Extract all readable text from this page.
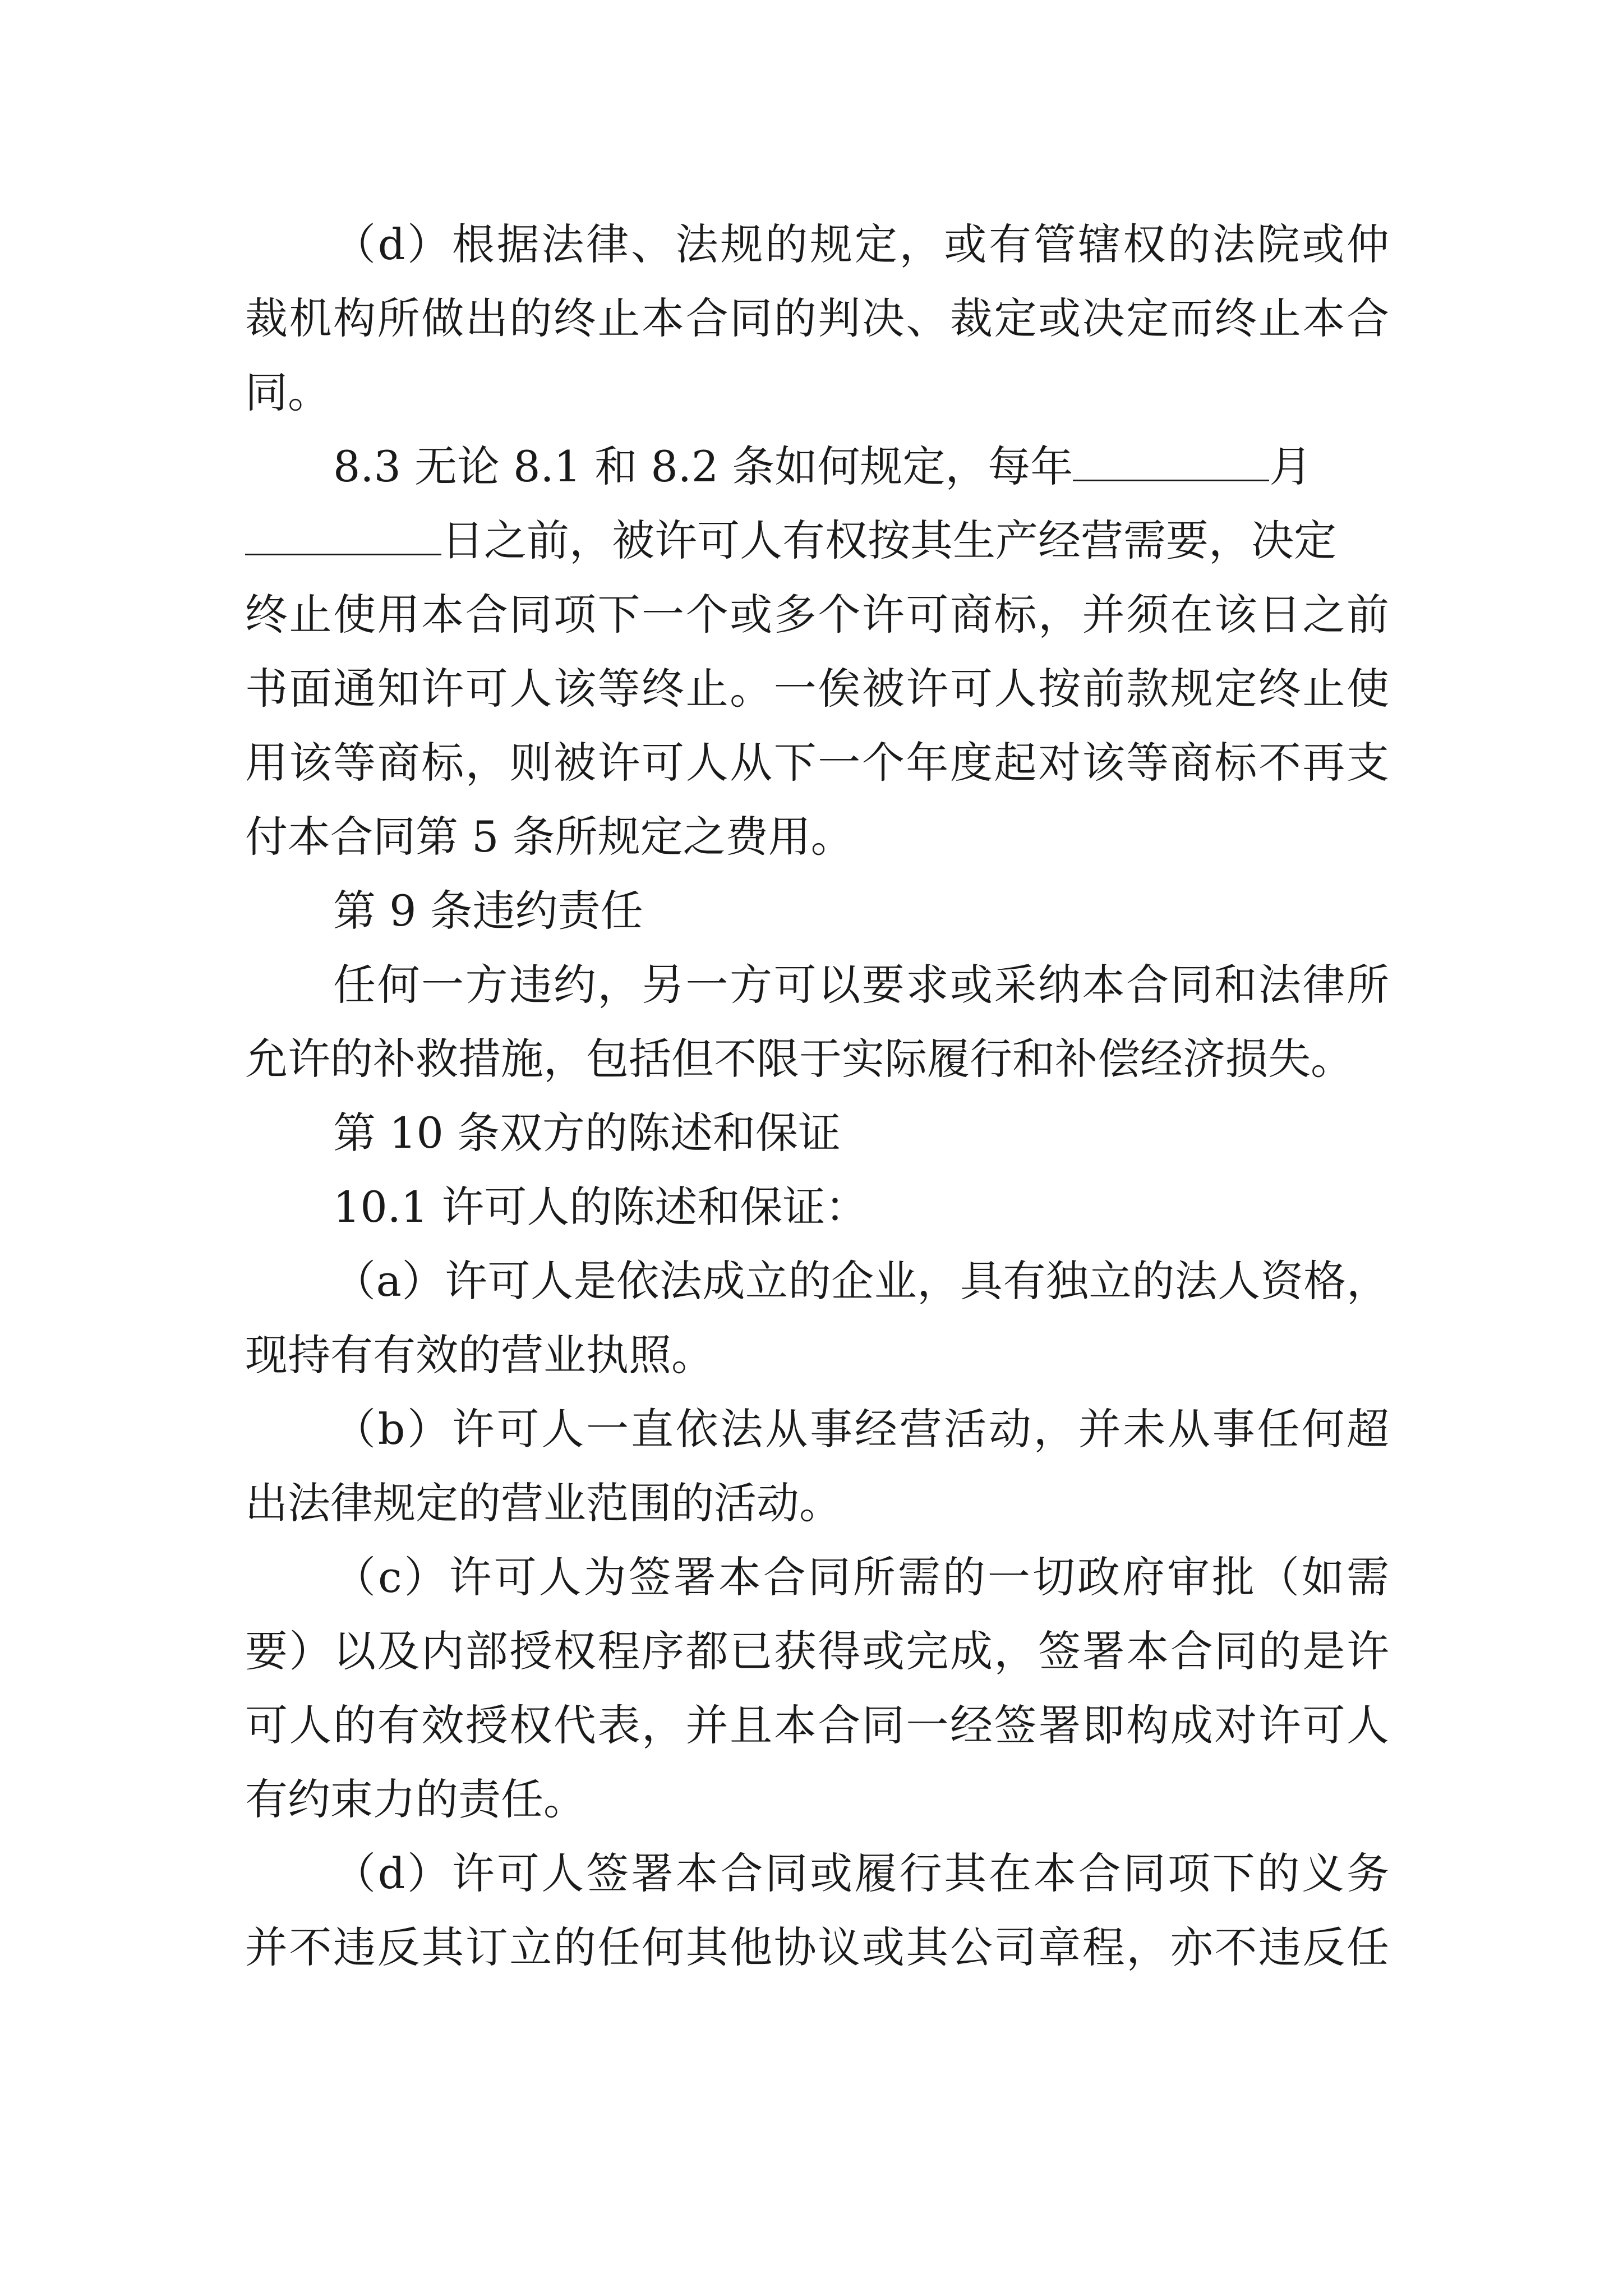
（d）根据法律、法规的规定，或有管辖权的法院或仲
裁机构所做出的终止本合同的判决、裁定或决定而终止本合
同。
8.3 无论 8.1 和 8.2 条如何规定，每年	月
日之前，被许可人有权按其生产经营需要，决定
终止使用本合同项下一个或多个许可商标，并须在该日之前
书面通知许可人该等终止。一俟被许可人按前款规定终止使
用该等商标，则被许可人从下一个年度起对该等商标不再支
付本合同第 5 条所规定之费用。
第 9 条违约责任
任何一方违约，另一方可以要求或采纳本合同和法律所
允许的补救措施，包括但不限于实际履行和补偿经济损失。
第 10 条双方的陈述和保证
10.1 许可人的陈述和保证：
（a）许可人是依法成立的企业，具有独立的法人资格，
现持有有效的营业执照。
（b）许可人一直依法从事经营活动，并未从事任何超
出法律规定的营业范围的活动。
（c）许可人为签署本合同所需的一切政府审批（如需
要）以及内部授权程序都已获得或完成，签署本合同的是许
可人的有效授权代表，并且本合同一经签署即构成对许可人
有约束力的责任。
（d）许可人签署本合同或履行其在本合同项下的义务
并不违反其订立的任何其他协议或其公司章程，亦不违反任
